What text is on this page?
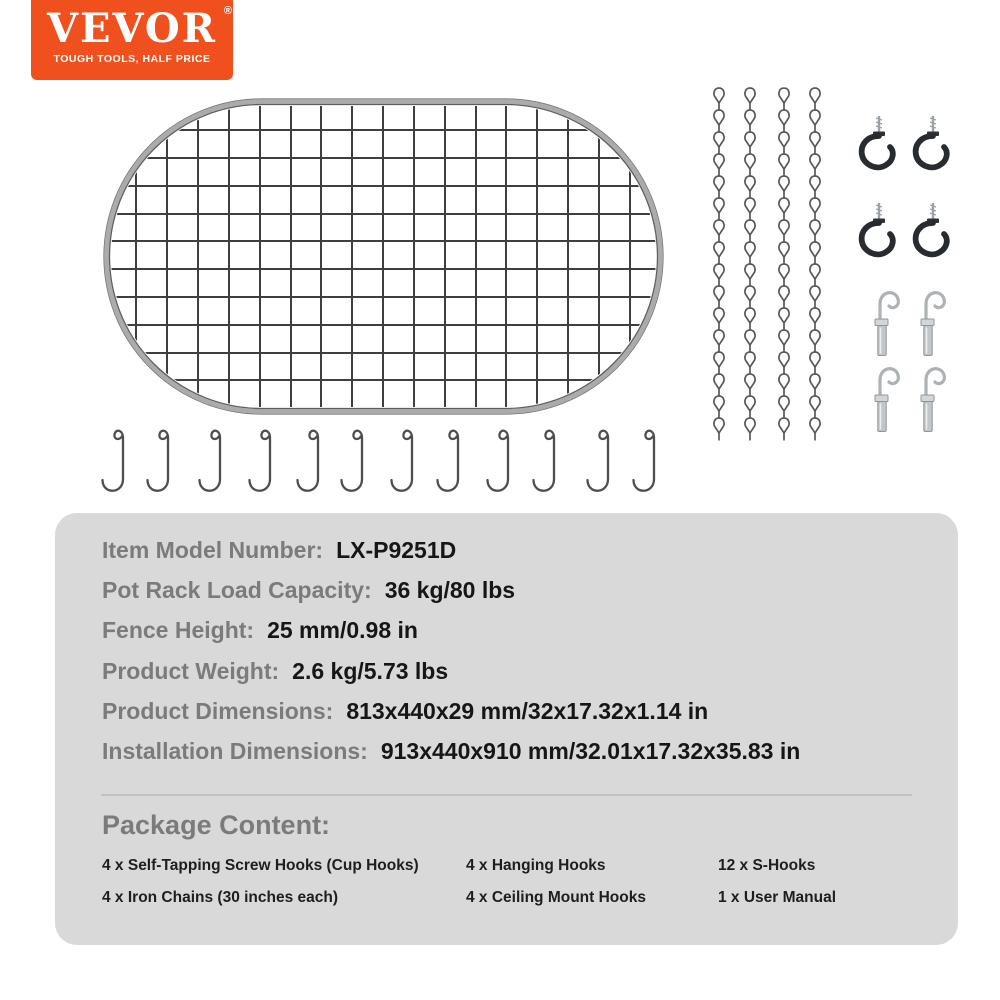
VEVOR ®
TOUGH TOOLS, HALF PRICE
Item Model Number: LX-P9251D
Pot Rack Load Capacity: 36 kg/80 lbs
Fence Height: 25 mm/0.98 in
Product Weight: 2.6 kg/5.73 lbs
Product Dimensions: 813x440x29 mm/32x17.32x1.14 in
Installation Dimensions: 913x440x910 mm/32.01x17.32x35.83 in
Package Content:
4 x Self-Tapping Screw Hooks (Cup Hooks)	4 x Hanging Hooks	12 x S-Hooks
4 x Iron Chains (30 inches each)	4 x Ceiling Mount Hooks	1 x User Manual
